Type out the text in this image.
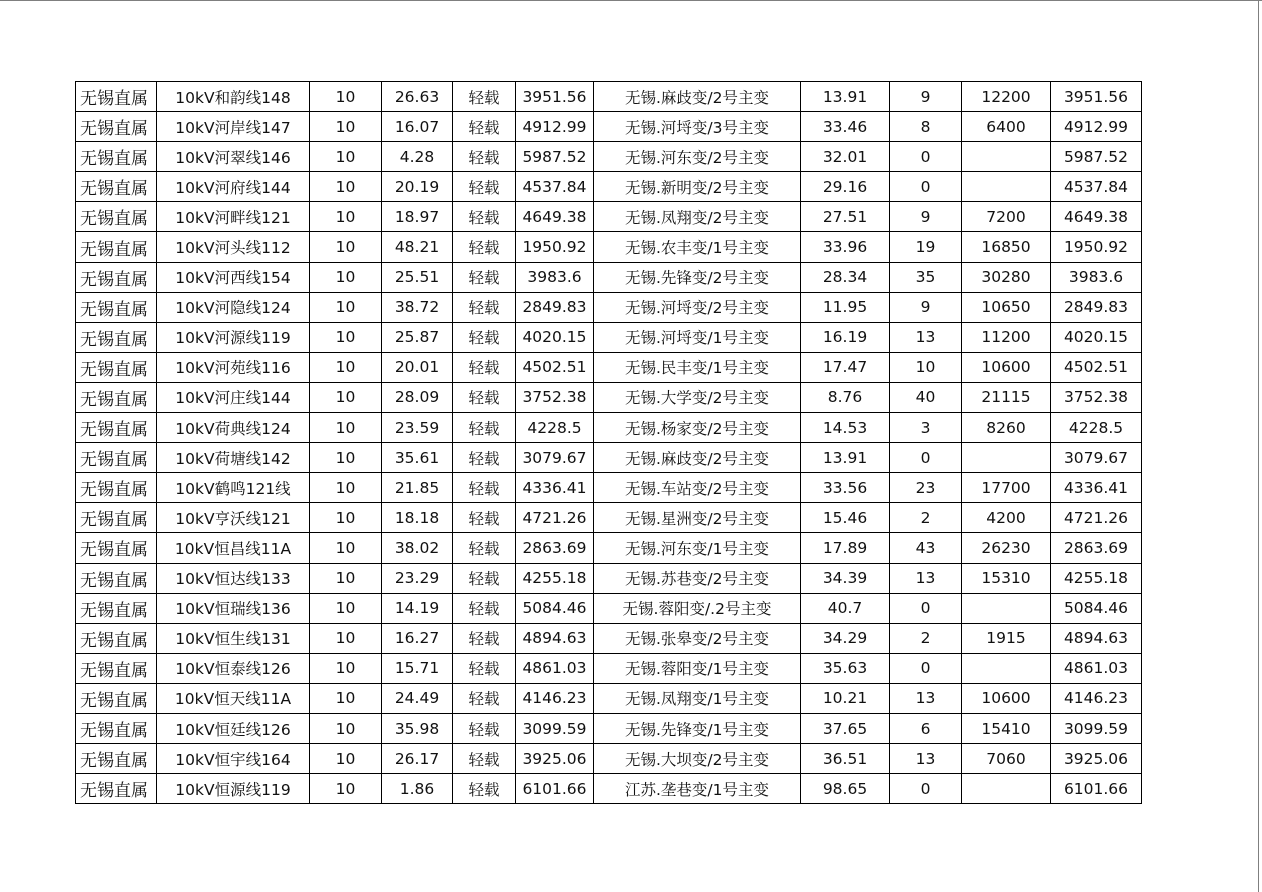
无锡直属	10kV和韵线148	10	26.63	轻载	3951.56	无锡.麻歧变/2号主变	13.91	9	12200	3951.56
无锡直属	10kV河岸线147	10	16.07	轻载	4912.99	无锡.河埒变/3号主变	33.46	8	6400	4912.99
无锡直属	10kV河翠线146	10	4.28	轻载	5987.52	无锡.河东变/2号主变	32.01	0		5987.52
无锡直属	10kV河府线144	10	20.19	轻载	4537.84	无锡.新明变/2号主变	29.16	0		4537.84
无锡直属	10kV河畔线121	10	18.97	轻载	4649.38	无锡.凤翔变/2号主变	27.51	9	7200	4649.38
无锡直属	10kV河头线112	10	48.21	轻载	1950.92	无锡.农丰变/1号主变	33.96	19	16850	1950.92
无锡直属	10kV河西线154	10	25.51	轻载	3983.6	无锡.先锋变/2号主变	28.34	35	30280	3983.6
无锡直属	10kV河隐线124	10	38.72	轻载	2849.83	无锡.河埒变/2号主变	11.95	9	10650	2849.83
无锡直属	10kV河源线119	10	25.87	轻载	4020.15	无锡.河埒变/1号主变	16.19	13	11200	4020.15
无锡直属	10kV河苑线116	10	20.01	轻载	4502.51	无锡.民丰变/1号主变	17.47	10	10600	4502.51
无锡直属	10kV河庄线144	10	28.09	轻载	3752.38	无锡.大学变/2号主变	8.76	40	21115	3752.38
无锡直属	10kV荷典线124	10	23.59	轻载	4228.5	无锡.杨家变/2号主变	14.53	3	8260	4228.5
无锡直属	10kV荷塘线142	10	35.61	轻载	3079.67	无锡.麻歧变/2号主变	13.91	0		3079.67
无锡直属	10kV鹤鸣121线	10	21.85	轻载	4336.41	无锡.车站变/2号主变	33.56	23	17700	4336.41
无锡直属	10kV亨沃线121	10	18.18	轻载	4721.26	无锡.星洲变/2号主变	15.46	2	4200	4721.26
无锡直属	10kV恒昌线11A	10	38.02	轻载	2863.69	无锡.河东变/1号主变	17.89	43	26230	2863.69
无锡直属	10kV恒达线133	10	23.29	轻载	4255.18	无锡.苏巷变/2号主变	34.39	13	15310	4255.18
无锡直属	10kV恒瑞线136	10	14.19	轻载	5084.46	无锡.蓉阳变/.2号主变	40.7	0		5084.46
无锡直属	10kV恒生线131	10	16.27	轻载	4894.63	无锡.张皋变/2号主变	34.29	2	1915	4894.63
无锡直属	10kV恒泰线126	10	15.71	轻载	4861.03	无锡.蓉阳变/1号主变	35.63	0		4861.03
无锡直属	10kV恒天线11A	10	24.49	轻载	4146.23	无锡.凤翔变/1号主变	10.21	13	10600	4146.23
无锡直属	10kV恒廷线126	10	35.98	轻载	3099.59	无锡.先锋变/1号主变	37.65	6	15410	3099.59
无锡直属	10kV恒宇线164	10	26.17	轻载	3925.06	无锡.大坝变/2号主变	36.51	13	7060	3925.06
无锡直属	10kV恒源线119	10	1.86	轻载	6101.66	江苏.垄巷变/1号主变	98.65	0		6101.66
